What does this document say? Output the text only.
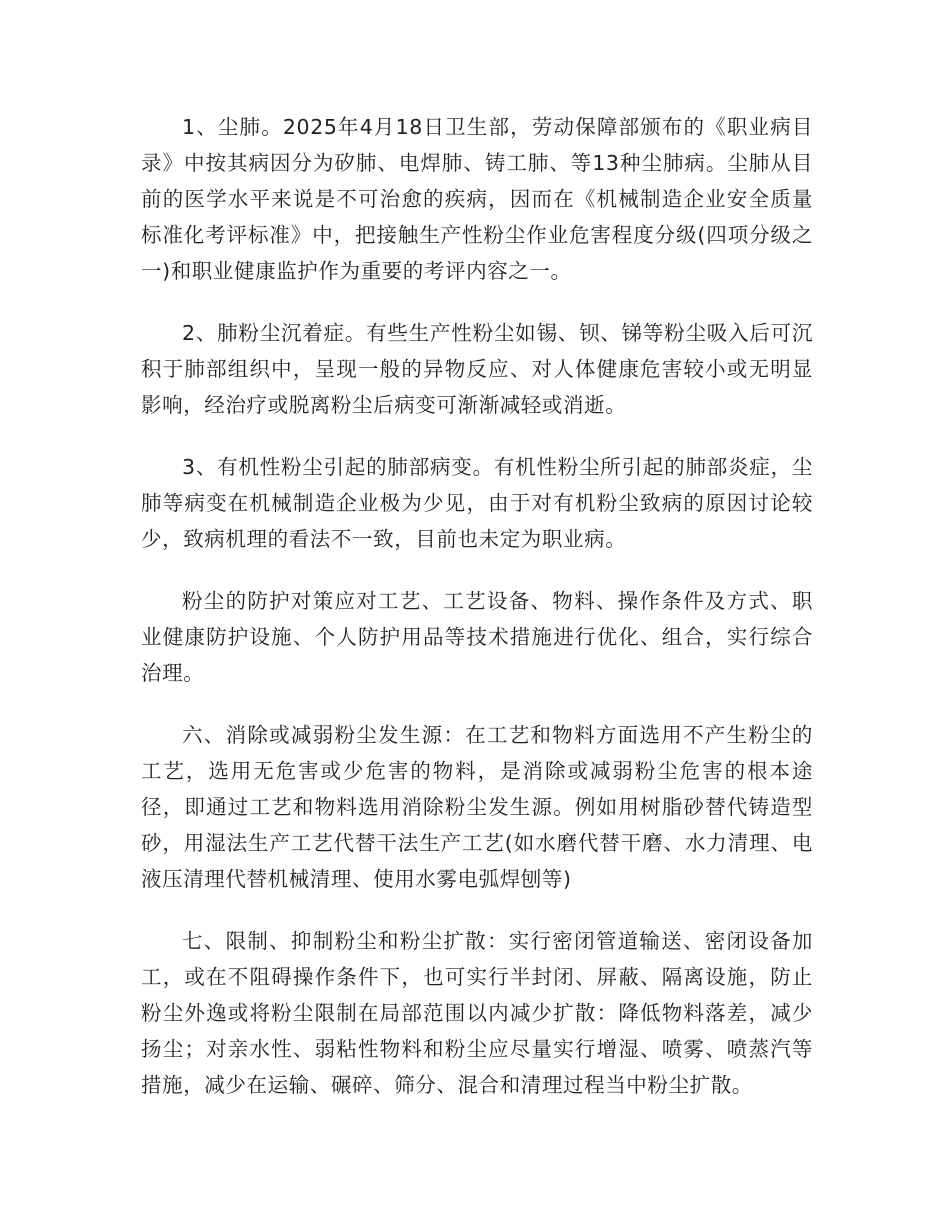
1、尘肺。2025年4月18日卫生部，劳动保障部颁布的《职业病目录》中按其病因分为矽肺、电焊肺、铸工肺、等13种尘肺病。尘肺从目前的医学水平来说是不可治愈的疾病，因而在《机械制造企业安全质量标准化考评标准》中，把接触生产性粉尘作业危害程度分级(四项分级之一)和职业健康监护作为重要的考评内容之一。

2、肺粉尘沉着症。有些生产性粉尘如锡、钡、锑等粉尘吸入后可沉积于肺部组织中，呈现一般的异物反应、对人体健康危害较小或无明显影响，经治疗或脱离粉尘后病变可渐渐减轻或消逝。

3、有机性粉尘引起的肺部病变。有机性粉尘所引起的肺部炎症，尘肺等病变在机械制造企业极为少见，由于对有机粉尘致病的原因讨论较少，致病机理的看法不一致，目前也未定为职业病。

粉尘的防护对策应对工艺、工艺设备、物料、操作条件及方式、职业健康防护设施、个人防护用品等技术措施进行优化、组合，实行综合治理。

六、消除或减弱粉尘发生源：在工艺和物料方面选用不产生粉尘的工艺，选用无危害或少危害的物料，是消除或减弱粉尘危害的根本途径，即通过工艺和物料选用消除粉尘发生源。例如用树脂砂替代铸造型砂，用湿法生产工艺代替干法生产工艺(如水磨代替干磨、水力清理、电液压清理代替机械清理、使用水雾电弧焊刨等)

七、限制、抑制粉尘和粉尘扩散：实行密闭管道输送、密闭设备加工，或在不阻碍操作条件下，也可实行半封闭、屏蔽、隔离设施，防止粉尘外逸或将粉尘限制在局部范围以内减少扩散：降低物料落差，减少扬尘；对亲水性、弱粘性物料和粉尘应尽量实行增湿、喷雾、喷蒸汽等措施，减少在运输、碾碎、筛分、混合和清理过程当中粉尘扩散。
